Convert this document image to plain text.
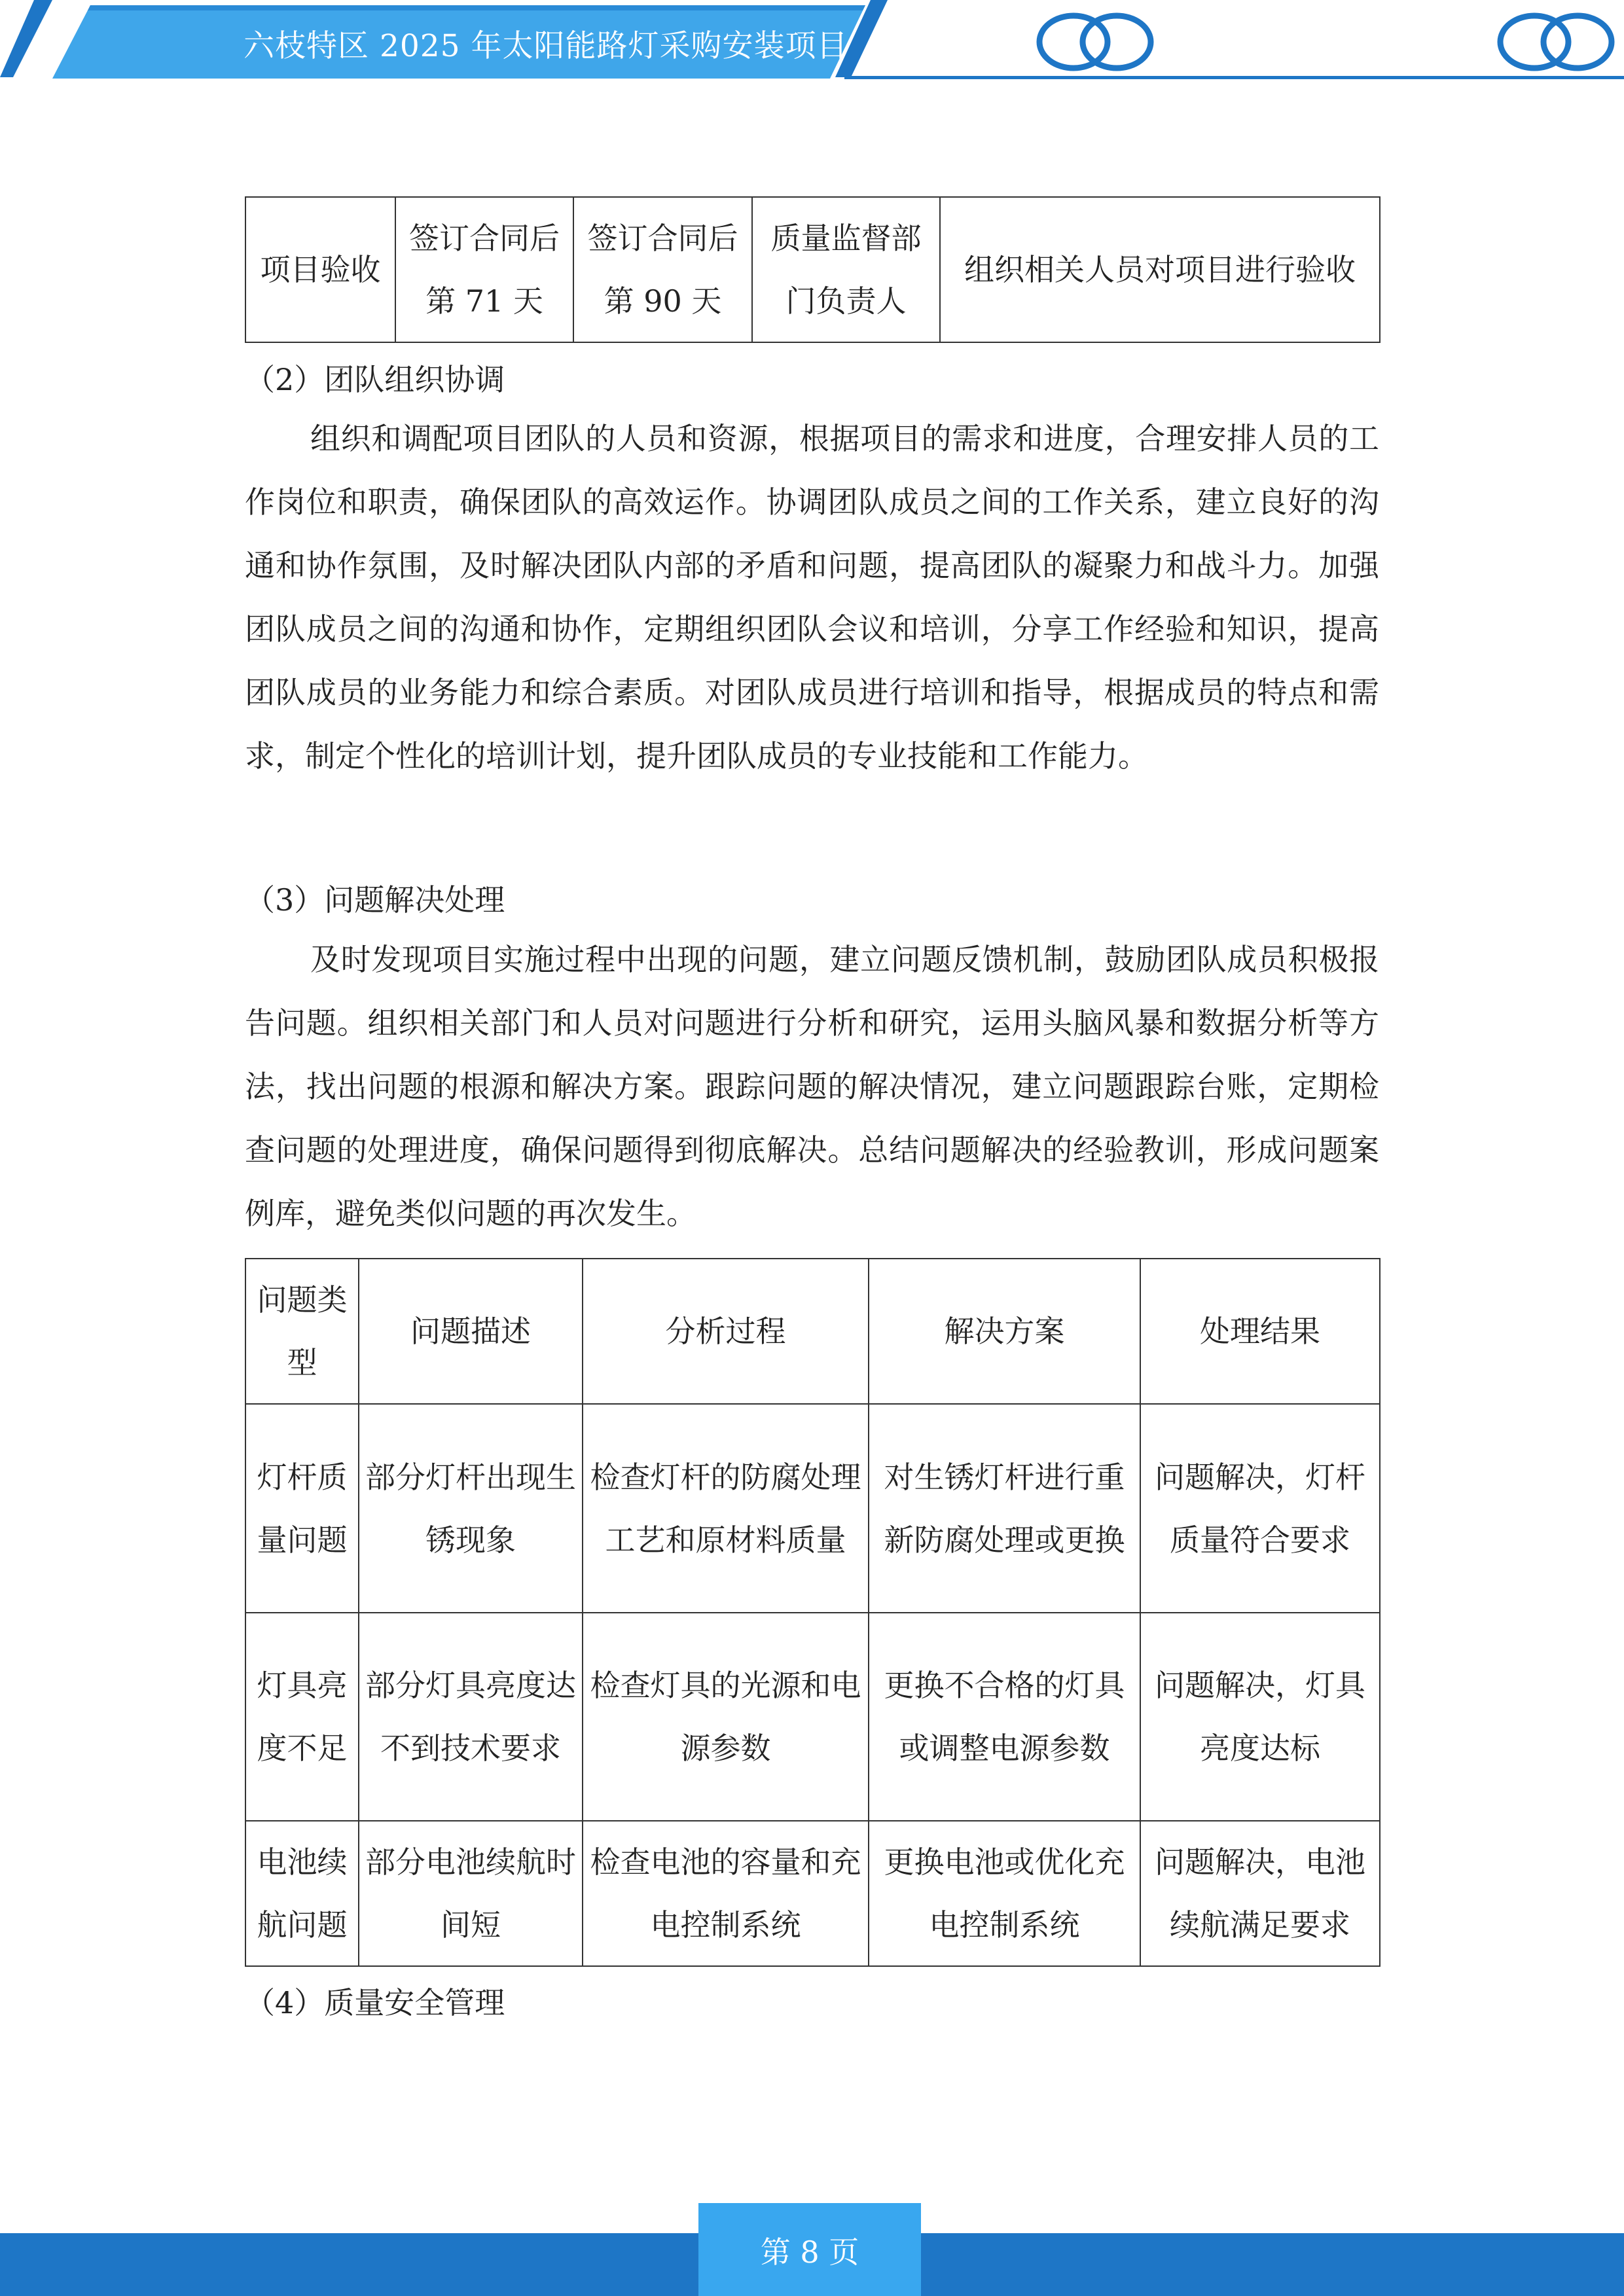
六枝特区 2025 年太阳能路灯采购安装项目
项目验收	签订合同后第 71 天	签订合同后第 90 天	质量监督部门负责人	组织相关人员对项目进行验收
（2）团队组织协调
组织和调配项目团队的人员和资源，根据项目的需求和进度，合理安排人员的工作岗位和职责，确保团队的高效运作。协调团队成员之间的工作关系，建立良好的沟通和协作氛围，及时解决团队内部的矛盾和问题，提高团队的凝聚力和战斗力。加强团队成员之间的沟通和协作，定期组织团队会议和培训，分享工作经验和知识，提高团队成员的业务能力和综合素质。对团队成员进行培训和指导，根据成员的特点和需求，制定个性化的培训计划，提升团队成员的专业技能和工作能力。
（3）问题解决处理
及时发现项目实施过程中出现的问题，建立问题反馈机制，鼓励团队成员积极报告问题。组织相关部门和人员对问题进行分析和研究，运用头脑风暴和数据分析等方法，找出问题的根源和解决方案。跟踪问题的解决情况，建立问题跟踪台账，定期检查问题的处理进度，确保问题得到彻底解决。总结问题解决的经验教训，形成问题案例库，避免类似问题的再次发生。
问题类型	问题描述	分析过程	解决方案	处理结果
灯杆质量问题	部分灯杆出现生锈现象	检查灯杆的防腐处理工艺和原材料质量	对生锈灯杆进行重新防腐处理或更换	问题解决，灯杆质量符合要求
灯具亮度不足	部分灯具亮度达不到技术要求	检查灯具的光源和电源参数	更换不合格的灯具或调整电源参数	问题解决，灯具亮度达标
电池续航问题	部分电池续航时间短	检查电池的容量和充电控制系统	更换电池或优化充电控制系统	问题解决，电池续航满足要求
（4）质量安全管理
第 8 页
